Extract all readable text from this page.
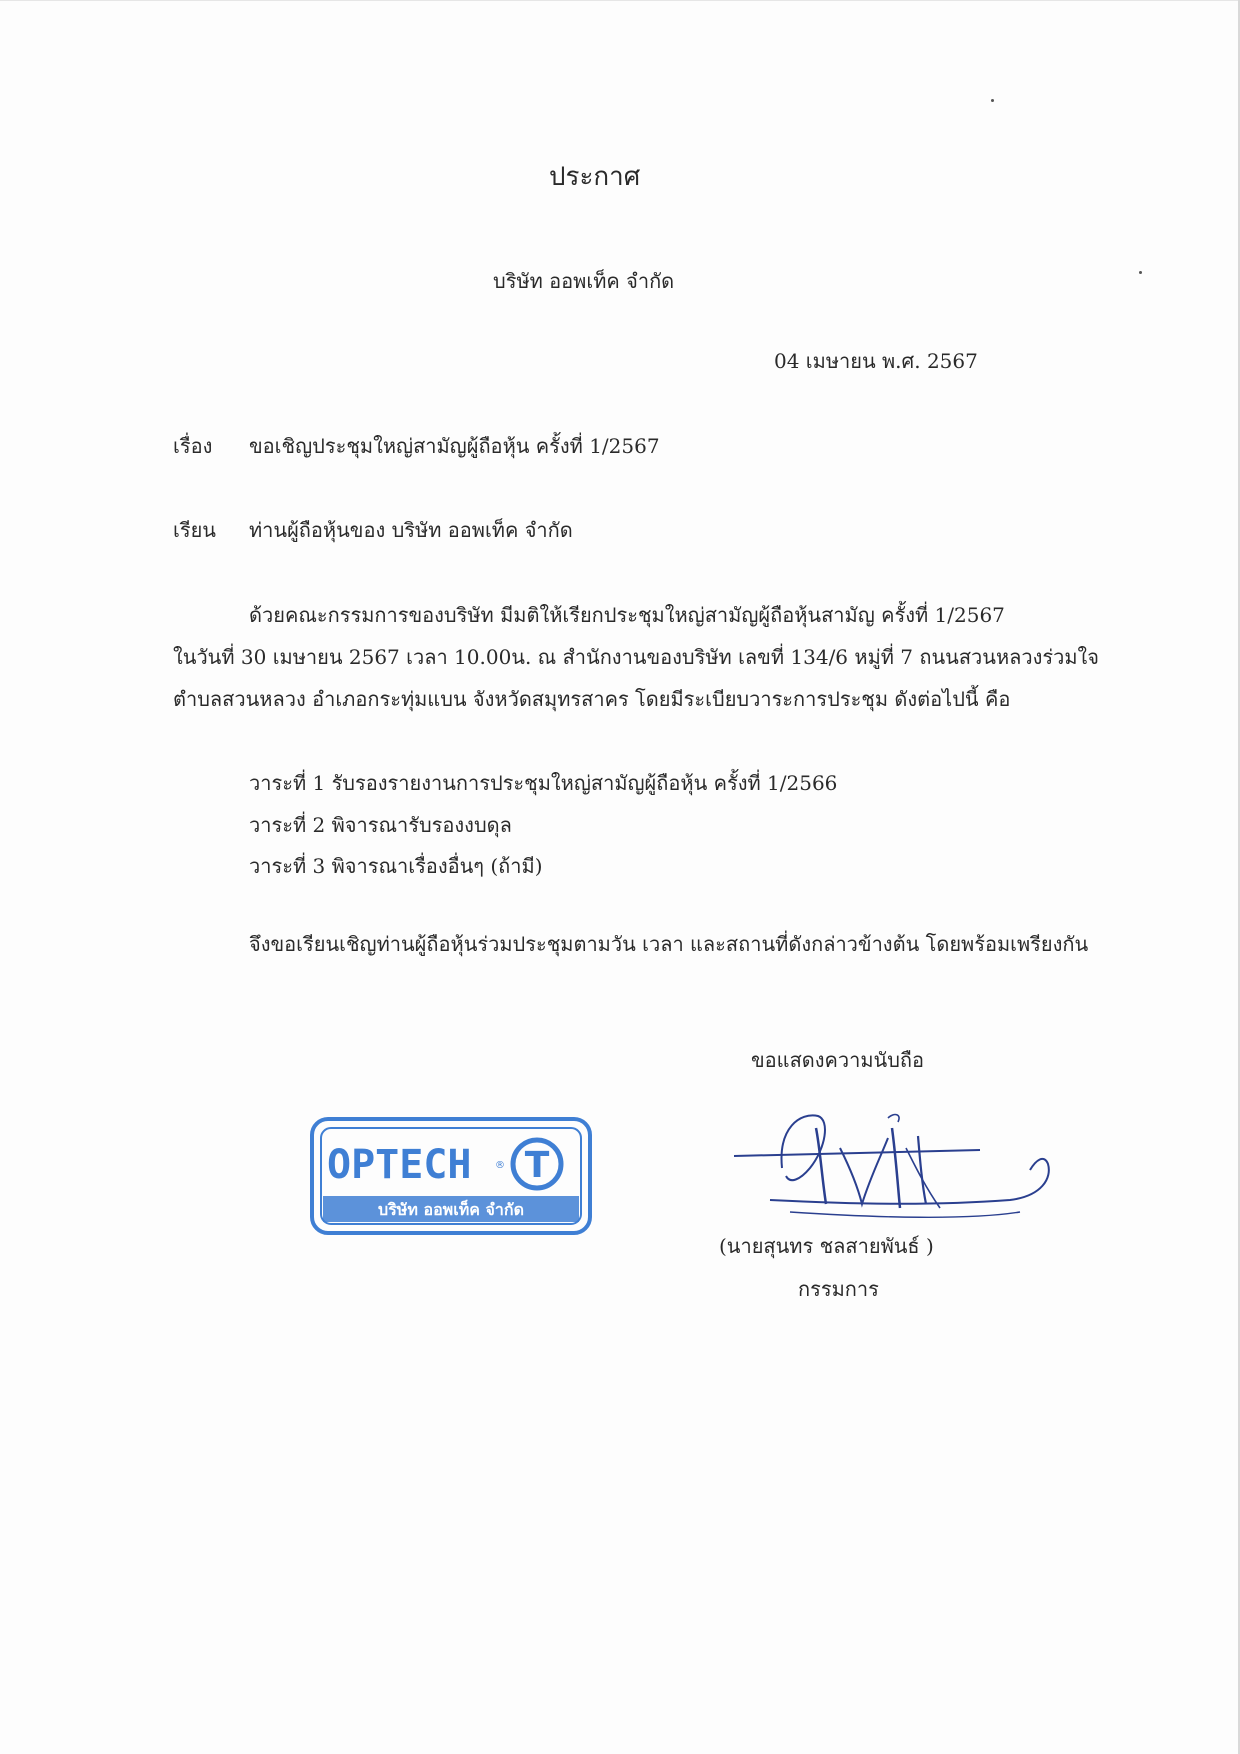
ประกาศ
บริษัท ออพเท็ค จำกัด
04 เมษายน พ.ศ. 2567
เรื่อง ขอเชิญประชุมใหญ่สามัญผู้ถือหุ้น ครั้งที่ 1/2567
เรียน ท่านผู้ถือหุ้นของ บริษัท ออพเท็ค จำกัด
ด้วยคณะกรรมการของบริษัท มีมติให้เรียกประชุมใหญ่สามัญผู้ถือหุ้นสามัญ ครั้งที่ 1/2567
ในวันที่ 30 เมษายน 2567 เวลา 10.00น. ณ สำนักงานของบริษัท เลขที่ 134/6 หมู่ที่ 7 ถนนสวนหลวงร่วมใจ
ตำบลสวนหลวง อำเภอกระทุ่มแบน จังหวัดสมุทรสาคร โดยมีระเบียบวาระการประชุม ดังต่อไปนี้ คือ
วาระที่ 1 รับรองรายงานการประชุมใหญ่สามัญผู้ถือหุ้น ครั้งที่ 1/2566
วาระที่ 2 พิจารณารับรองงบดุล
วาระที่ 3 พิจารณาเรื่องอื่นๆ (ถ้ามี)
จึงขอเรียนเชิญท่านผู้ถือหุ้นร่วมประชุมตามวัน เวลา และสถานที่ดังกล่าวข้างต้น โดยพร้อมเพรียงกัน
ขอแสดงความนับถือ
OPTECH ® T
บริษัท ออพเท็ค จำกัด
(นายสุนทร ชลสายพันธ์ )
กรรมการ
